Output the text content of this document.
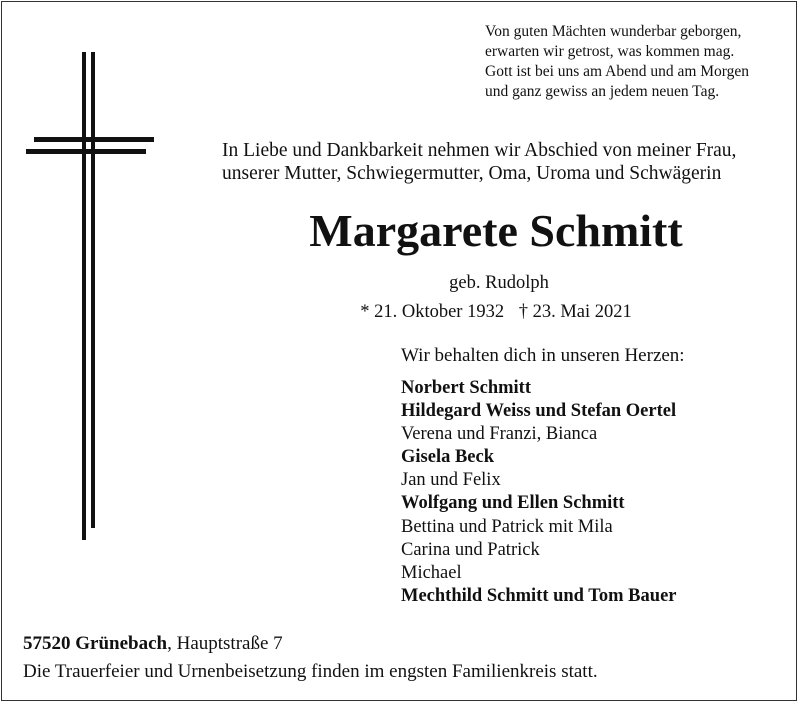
Von guten Mächten wunderbar geborgen,
erwarten wir getrost, was kommen mag.
Gott ist bei uns am Abend und am Morgen
und ganz gewiss an jedem neuen Tag.
In Liebe und Dankbarkeit nehmen wir Abschied von meiner Frau,
unserer Mutter, Schwiegermutter, Oma, Uroma und Schwägerin
Margarete Schmitt
geb. Rudolph
* 21. Oktober 1932 † 23. Mai 2021
Wir behalten dich in unseren Herzen:
Norbert Schmitt
Hildegard Weiss und Stefan Oertel
Verena und Franzi, Bianca
Gisela Beck
Jan und Felix
Wolfgang und Ellen Schmitt
Bettina und Patrick mit Mila
Carina und Patrick
Michael
Mechthild Schmitt und Tom Bauer
57520 Grünebach, Hauptstraße 7
Die Trauerfeier und Urnenbeisetzung finden im engsten Familienkreis statt.
